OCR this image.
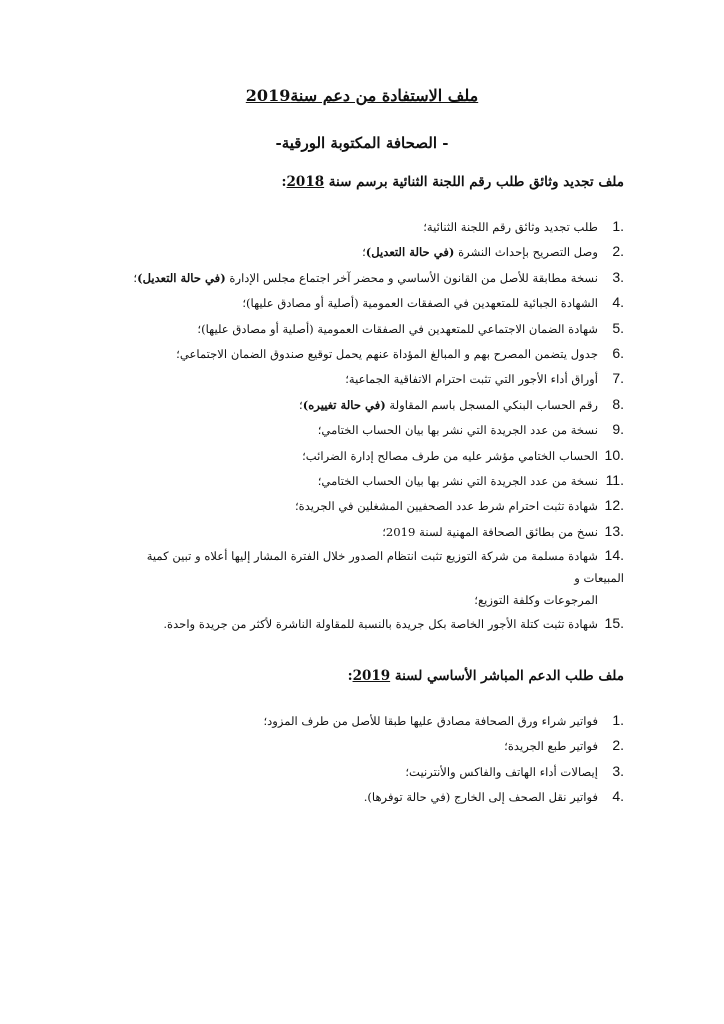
ملف الاستفادة من دعم سنة2019
- الصحافة المكتوبة الورقية-
ملف تجديد وثائق طلب رقم اللجنة الثنائية برسم سنة 2018:
1.طلب تجديد وثائق رقم اللجنة الثنائية؛
2.وصل التصريح بإحداث النشرة (في حالة التعديل)؛
3.نسخة مطابقة للأصل من القانون الأساسي و محضر آخر اجتماع مجلس الإدارة (في حالة التعديل)؛
4.الشهادة الجبائية للمتعهدين في الصفقات العمومية (أصلية أو مصادق عليها)؛
5.شهادة الضمان الاجتماعي للمتعهدين في الصفقات العمومية (أصلية أو مصادق عليها)؛
6.جدول يتضمن المصرح بهم و المبالغ المؤداة عنهم يحمل توقيع صندوق الضمان الاجتماعي؛
7.أوراق أداء الأجور التي تثبت احترام الاتفاقية الجماعية؛
8.رقم الحساب البنكي المسجل باسم المقاولة (في حالة تغييره)؛
9.نسخة من عدد الجريدة التي نشر بها بيان الحساب الختامي؛
10.الحساب الختامي مؤشر عليه من طرف مصالح إدارة الضرائب؛
11.نسخة من عدد الجريدة التي نشر بها بيان الحساب الختامي؛
12.شهادة تثبت احترام شرط عدد الصحفيين المشغلين في الجريدة؛
13.نسخ من بطائق الصحافة المهنية لسنة 2019؛
14.شهادة مسلمة من شركة التوزيع تثبت انتظام الصدور خلال الفترة المشار إليها أعلاه و تبين كمية المبيعات و
المرجوعات وكلفة التوزيع؛
15.شهادة تثبت كتلة الأجور الخاصة بكل جريدة بالنسبة للمقاولة الناشرة لأكثر من جريدة واحدة.
ملف طلب الدعم المباشر الأساسي لسنة 2019:
1.فواتير شراء ورق الصحافة مصادق عليها طبقا للأصل من طرف المزود؛
2.فواتير طبع الجريدة؛
3.إيصالات أداء الهاتف والفاكس والأنترنيت؛
4.فواتير نقل الصحف إلى الخارج (في حالة توفرها).
